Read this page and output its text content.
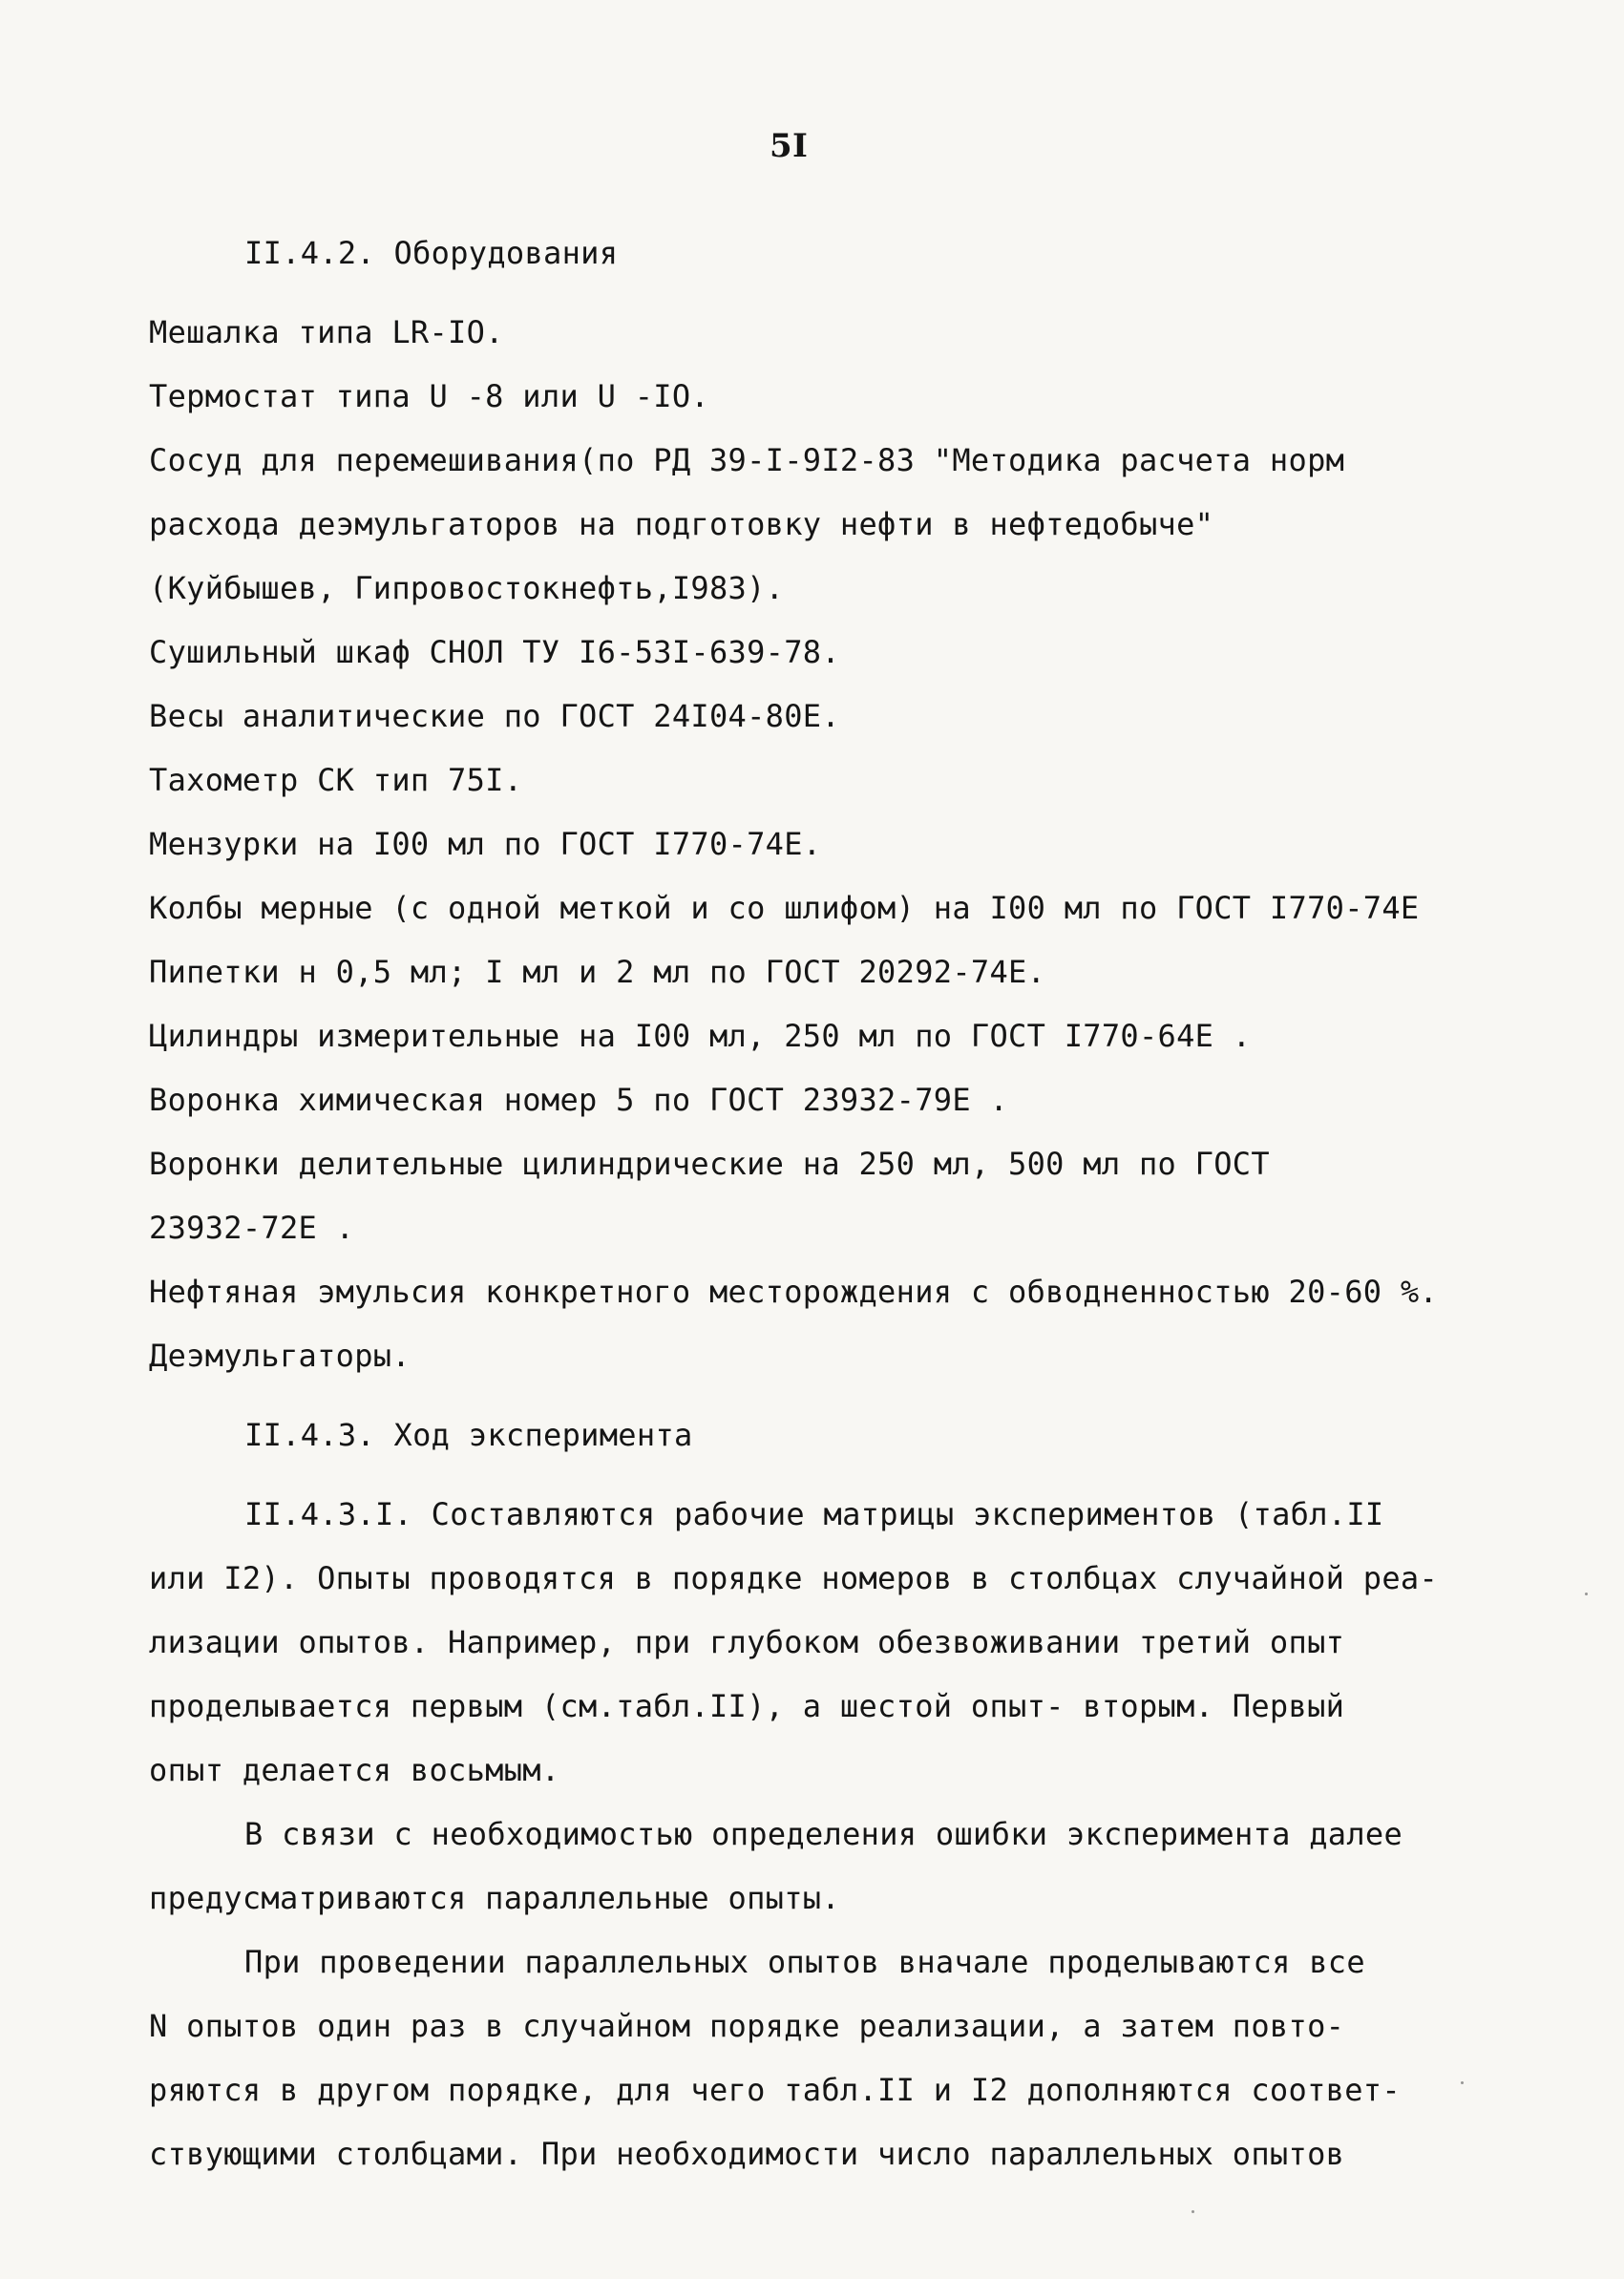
5I
II.4.2. Оборудования
Мешалка типа LR-IO.
Термостат типа U -8 или U -IO.
Сосуд для перемешивания(по РД 39-I-9I2-83 "Методика расчета норм
расхода деэмульгаторов на подготовку нефти в нефтедобыче"
(Куйбышев, Гипровостокнефть,I983).
Сушильный шкаф СНОЛ ТУ I6-53I-639-78.
Весы аналитические по ГОСТ 24I04-80Е.
Тахометр СК тип 75I.
Мензурки на I00 мл по ГОСТ I770-74Е.
Колбы мерные (с одной меткой и со шлифом) на I00 мл по ГОСТ I770-74Е
Пипетки н 0,5 мл; I мл и 2 мл по ГОСТ 20292-74Е.
Цилиндры измерительные на I00 мл, 250 мл по ГОСТ I770-64Е .
Воронка химическая номер 5 по ГОСТ 23932-79Е .
Воронки делительные цилиндрические на 250 мл, 500 мл по ГОСТ
23932-72Е .
Нефтяная эмульсия конкретного месторождения с обводненностью 20-60 %.
Деэмульгаторы.
II.4.3. Ход эксперимента
II.4.3.I. Составляются рабочие матрицы экспериментов (табл.II
или I2). Опыты проводятся в порядке номеров в столбцах случайной реа-
лизации опытов. Например, при глубоком обезвоживании третий опыт
проделывается первым (см.табл.II), а шестой опыт- вторым. Первый
опыт делается восьмым.
В связи с необходимостью определения ошибки эксперимента далее
предусматриваются параллельные опыты.
При проведении параллельных опытов вначале проделываются все
N опытов один раз в случайном порядке реализации, а затем повто-
ряются в другом порядке, для чего табл.II и I2 дополняются соответ-
ствующими столбцами. При необходимости число параллельных опытов
